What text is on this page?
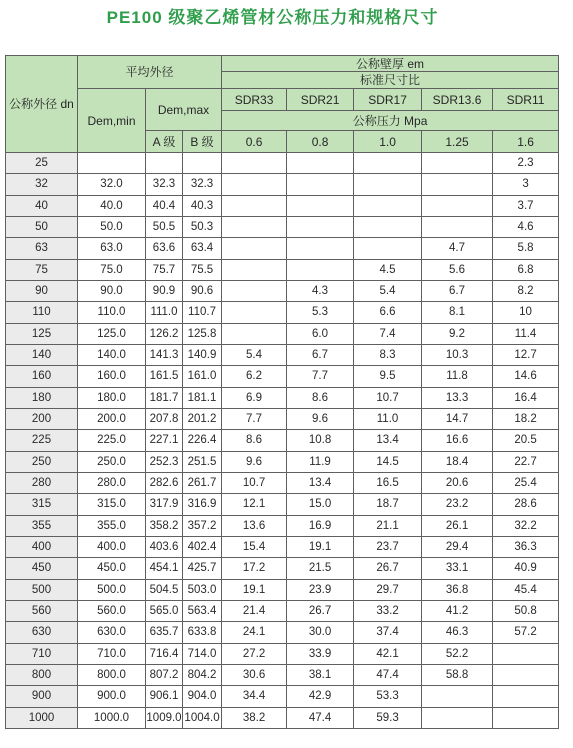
PE100 级聚乙烯管材公称压力和规格尺寸
公称外径 dn	平均外径			公称壁厚 em				
				标准尺寸比				
	Dem,min	Dem,max		SDR33	SDR21	SDR17	SDR13.6	SDR11
				公称压力 Mpa				
		A 级	B 级	0.6	0.8	1.0	1.25	1.6
25								2.3
32	32.0	32.3	32.3					3
40	40.0	40.4	40.3					3.7
50	50.0	50.5	50.3					4.6
63	63.0	63.6	63.4				4.7	5.8
75	75.0	75.7	75.5			4.5	5.6	6.8
90	90.0	90.9	90.6		4.3	5.4	6.7	8.2
110	110.0	111.0	110.7		5.3	6.6	8.1	10
125	125.0	126.2	125.8		6.0	7.4	9.2	11.4
140	140.0	141.3	140.9	5.4	6.7	8.3	10.3	12.7
160	160.0	161.5	161.0	6.2	7.7	9.5	11.8	14.6
180	180.0	181.7	181.1	6.9	8.6	10.7	13.3	16.4
200	200.0	207.8	201.2	7.7	9.6	11.0	14.7	18.2
225	225.0	227.1	226.4	8.6	10.8	13.4	16.6	20.5
250	250.0	252.3	251.5	9.6	11.9	14.5	18.4	22.7
280	280.0	282.6	261.7	10.7	13.4	16.5	20.6	25.4
315	315.0	317.9	316.9	12.1	15.0	18.7	23.2	28.6
355	355.0	358.2	357.2	13.6	16.9	21.1	26.1	32.2
400	400.0	403.6	402.4	15.4	19.1	23.7	29.4	36.3
450	450.0	454.1	425.7	17.2	21.5	26.7	33.1	40.9
500	500.0	504.5	503.0	19.1	23.9	29.7	36.8	45.4
560	560.0	565.0	563.4	21.4	26.7	33.2	41.2	50.8
630	630.0	635.7	633.8	24.1	30.0	37.4	46.3	57.2
710	710.0	716.4	714.0	27.2	33.9	42.1	52.2	
800	800.0	807.2	804.2	30.6	38.1	47.4	58.8	
900	900.0	906.1	904.0	34.4	42.9	53.3		
1000	1000.0	1009.0	1004.0	38.2	47.4	59.3		
